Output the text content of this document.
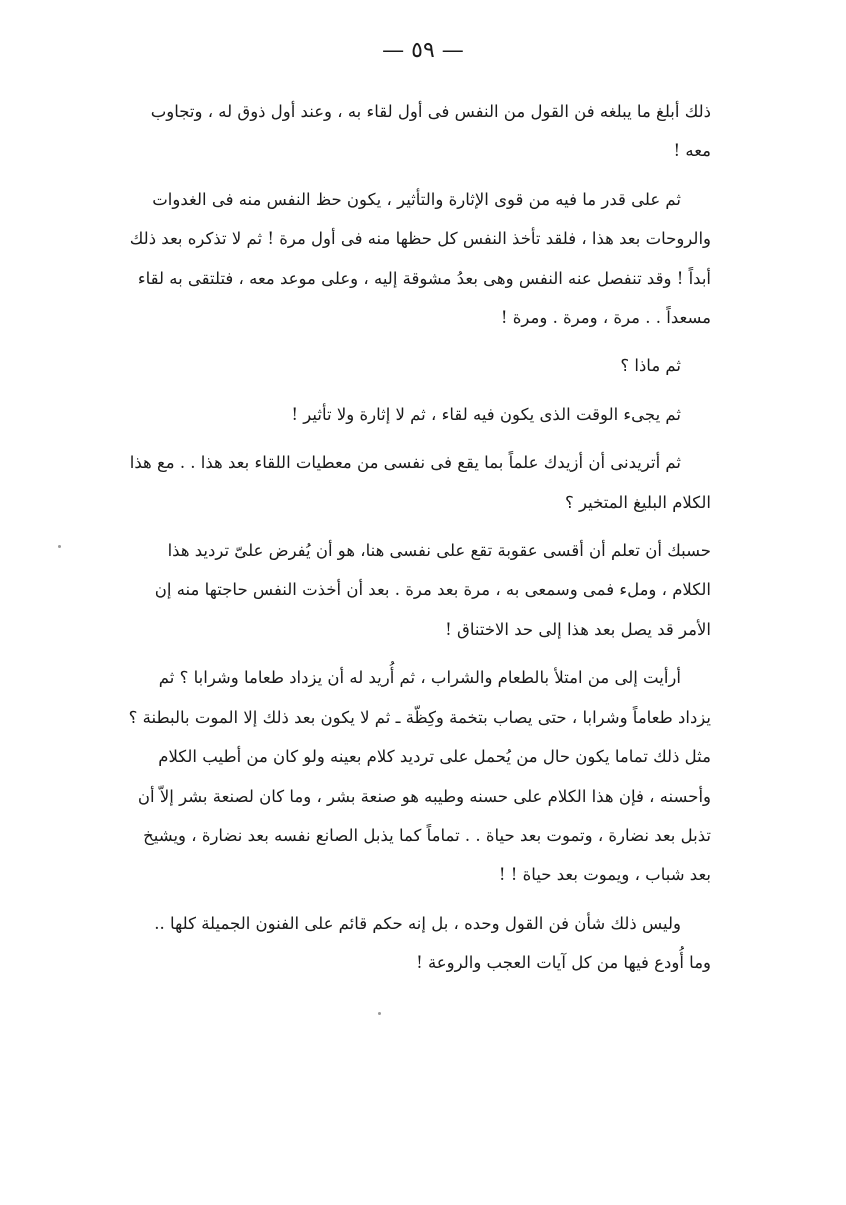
— ٥٩ —

ذلك أبلغ ما يبلغه فن القول من النفس فى أول لقاء به ، وعند أول ذوق له ، وتجاوب معه !

ثم على قدر ما فيه من قوى الإثارة والتأثير ، يكون حظ النفس منه فى الغدوات والروحات بعد هذا ، فلقد تأخذ النفس كل حظها منه فى أول مرة ! ثم لا تذكره بعد ذلك أبداً ! وقد تنفصل عنه النفس وهى بعدُ مشوقة إليه ، وعلى موعد معه ، فتلتقى به لقاء مسعداً . . مرة ، ومرة . ومرة !

ثم ماذا ؟

ثم يجىء الوقت الذى يكون فيه لقاء ، ثم لا إثارة ولا تأثير !

ثم أتريدنى أن أزيدك علماً بما يقع فى نفسى من معطيات اللقاء بعد هذا . . مع هذا الكلام البليغ المتخير ؟

حسبك أن تعلم أن أقسى عقوبة تقع على نفسى هنا، هو أن يُفرض علىّ ترديد هذا الكلام ، وملء فمى وسمعى به ، مرة بعد مرة . بعد أن أخذت النفس حاجتها منه إن الأمر قد يصل بعد هذا إلى حد الاختناق !

أرأيت إلى من امتلأ بالطعام والشراب ، ثم أُريد له أن يزداد طعاما وشرابا ؟ ثم يزداد طعاماً وشرابا ، حتى يصاب بتخمة وكِظّة ـ ثم لا يكون بعد ذلك إلا الموت بالبطنة ؟ مثل ذلك تماما يكون حال من يُحمل على ترديد كلام بعينه ولو كان من أطيب الكلام وأحسنه ، فإن هذا الكلام على حسنه وطيبه هو صنعة بشر ، وما كان لصنعة بشر إلاّ أن تذبل بعد نضارة ، وتموت بعد حياة . . تماماً كما يذبل الصانع نفسه بعد نضارة ، ويشيخ بعد شباب ، ويموت بعد حياة ! !

وليس ذلك شأن فن القول وحده ، بل إنه حكم قائم على الفنون الجميلة كلها .. وما أُودع فيها من كل آيات العجب والروعة !
